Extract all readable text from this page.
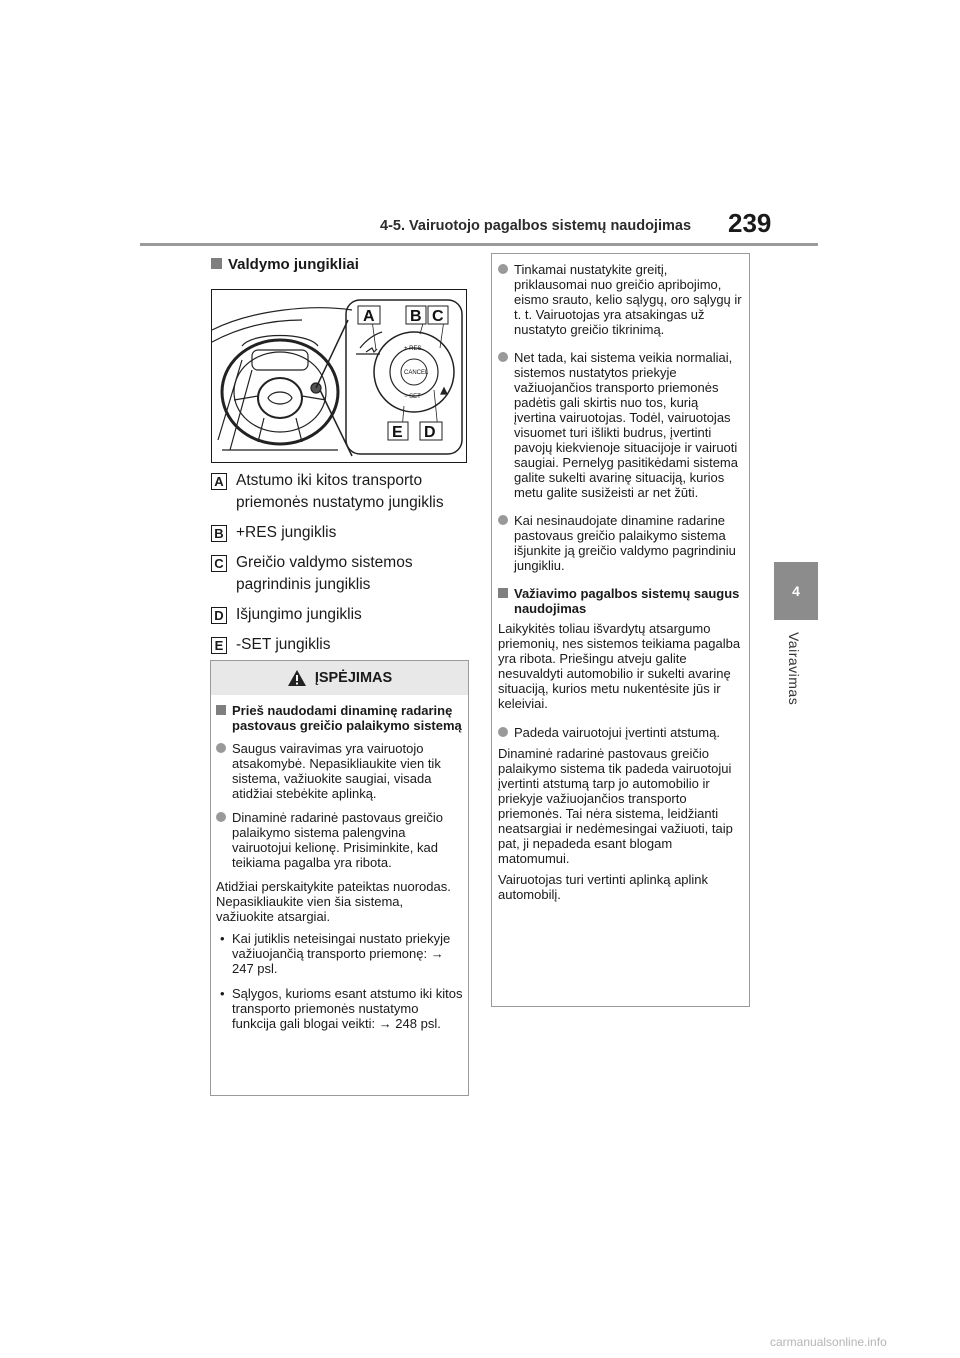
4-5. Vairuotojo pagalbos sistemų naudojimas	239
4
Vairavimas
Valdymo jungikliai
A B C
E D
+ RES
CANCEL
− SET
A Atstumo iki kitos transporto priemonės nustatymo jungiklis
B +RES jungiklis
C Greičio valdymo sistemos pagrindinis jungiklis
D Išjungimo jungiklis
E -SET jungiklis
ĮSPĖJIMAS
Prieš naudodami dinaminę radarinę pastovaus greičio palaikymo sistemą
Saugus vairavimas yra vairuotojo atsakomybė. Nepasikliaukite vien tik sistema, važiuokite saugiai, visada atidžiai stebėkite aplinką.
Dinaminė radarinė pastovaus greičio palaikymo sistema palengvina vairuotojui kelionę. Prisiminkite, kad teikiama pagalba yra ribota.
Atidžiai perskaitykite pateiktas nuorodas. Nepasikliaukite vien šia sistema, važiuokite atsargiai.
• Kai jutiklis neteisingai nustato priekyje važiuojančią transporto priemonę: → 247 psl.
• Sąlygos, kurioms esant atstumo iki kitos transporto priemonės nustatymo funkcija gali blogai veikti: → 248 psl.
Tinkamai nustatykite greitį, priklausomai nuo greičio apribojimo, eismo srauto, kelio sąlygų, oro sąlygų ir t. t. Vairuotojas yra atsakingas už nustatyto greičio tikrinimą.
Net tada, kai sistema veikia normaliai, sistemos nustatytos priekyje važiuojančios transporto priemonės padėtis gali skirtis nuo tos, kurią įvertina vairuotojas. Todėl, vairuotojas visuomet turi išlikti budrus, įvertinti pavojų kiekvienoje situacijoje ir vairuoti saugiai. Pernelyg pasitikėdami sistema galite sukelti avarinę situaciją, kurios metu galite susižeisti ar net žūti.
Kai nesinaudojate dinamine radarine pastovaus greičio palaikymo sistema išjunkite ją greičio valdymo pagrindiniu jungikliu.
Važiavimo pagalbos sistemų saugus naudojimas
Laikykitės toliau išvardytų atsargumo priemonių, nes sistemos teikiama pagalba yra ribota. Priešingu atveju galite nesuvaldyti automobilio ir sukelti avarinę situaciją, kurios metu nukentėsite jūs ir keleiviai.
Padeda vairuotojui įvertinti atstumą.
Dinaminė radarinė pastovaus greičio palaikymo sistema tik padeda vairuotojui įvertinti atstumą tarp jo automobilio ir priekyje važiuojančios transporto priemonės. Tai nėra sistema, leidžianti neatsargiai ir nedėmesingai važiuoti, taip pat, ji nepadeda esant blogam matomumui.
Vairuotojas turi vertinti aplinką aplink automobilį.
carmanualsonline.info
